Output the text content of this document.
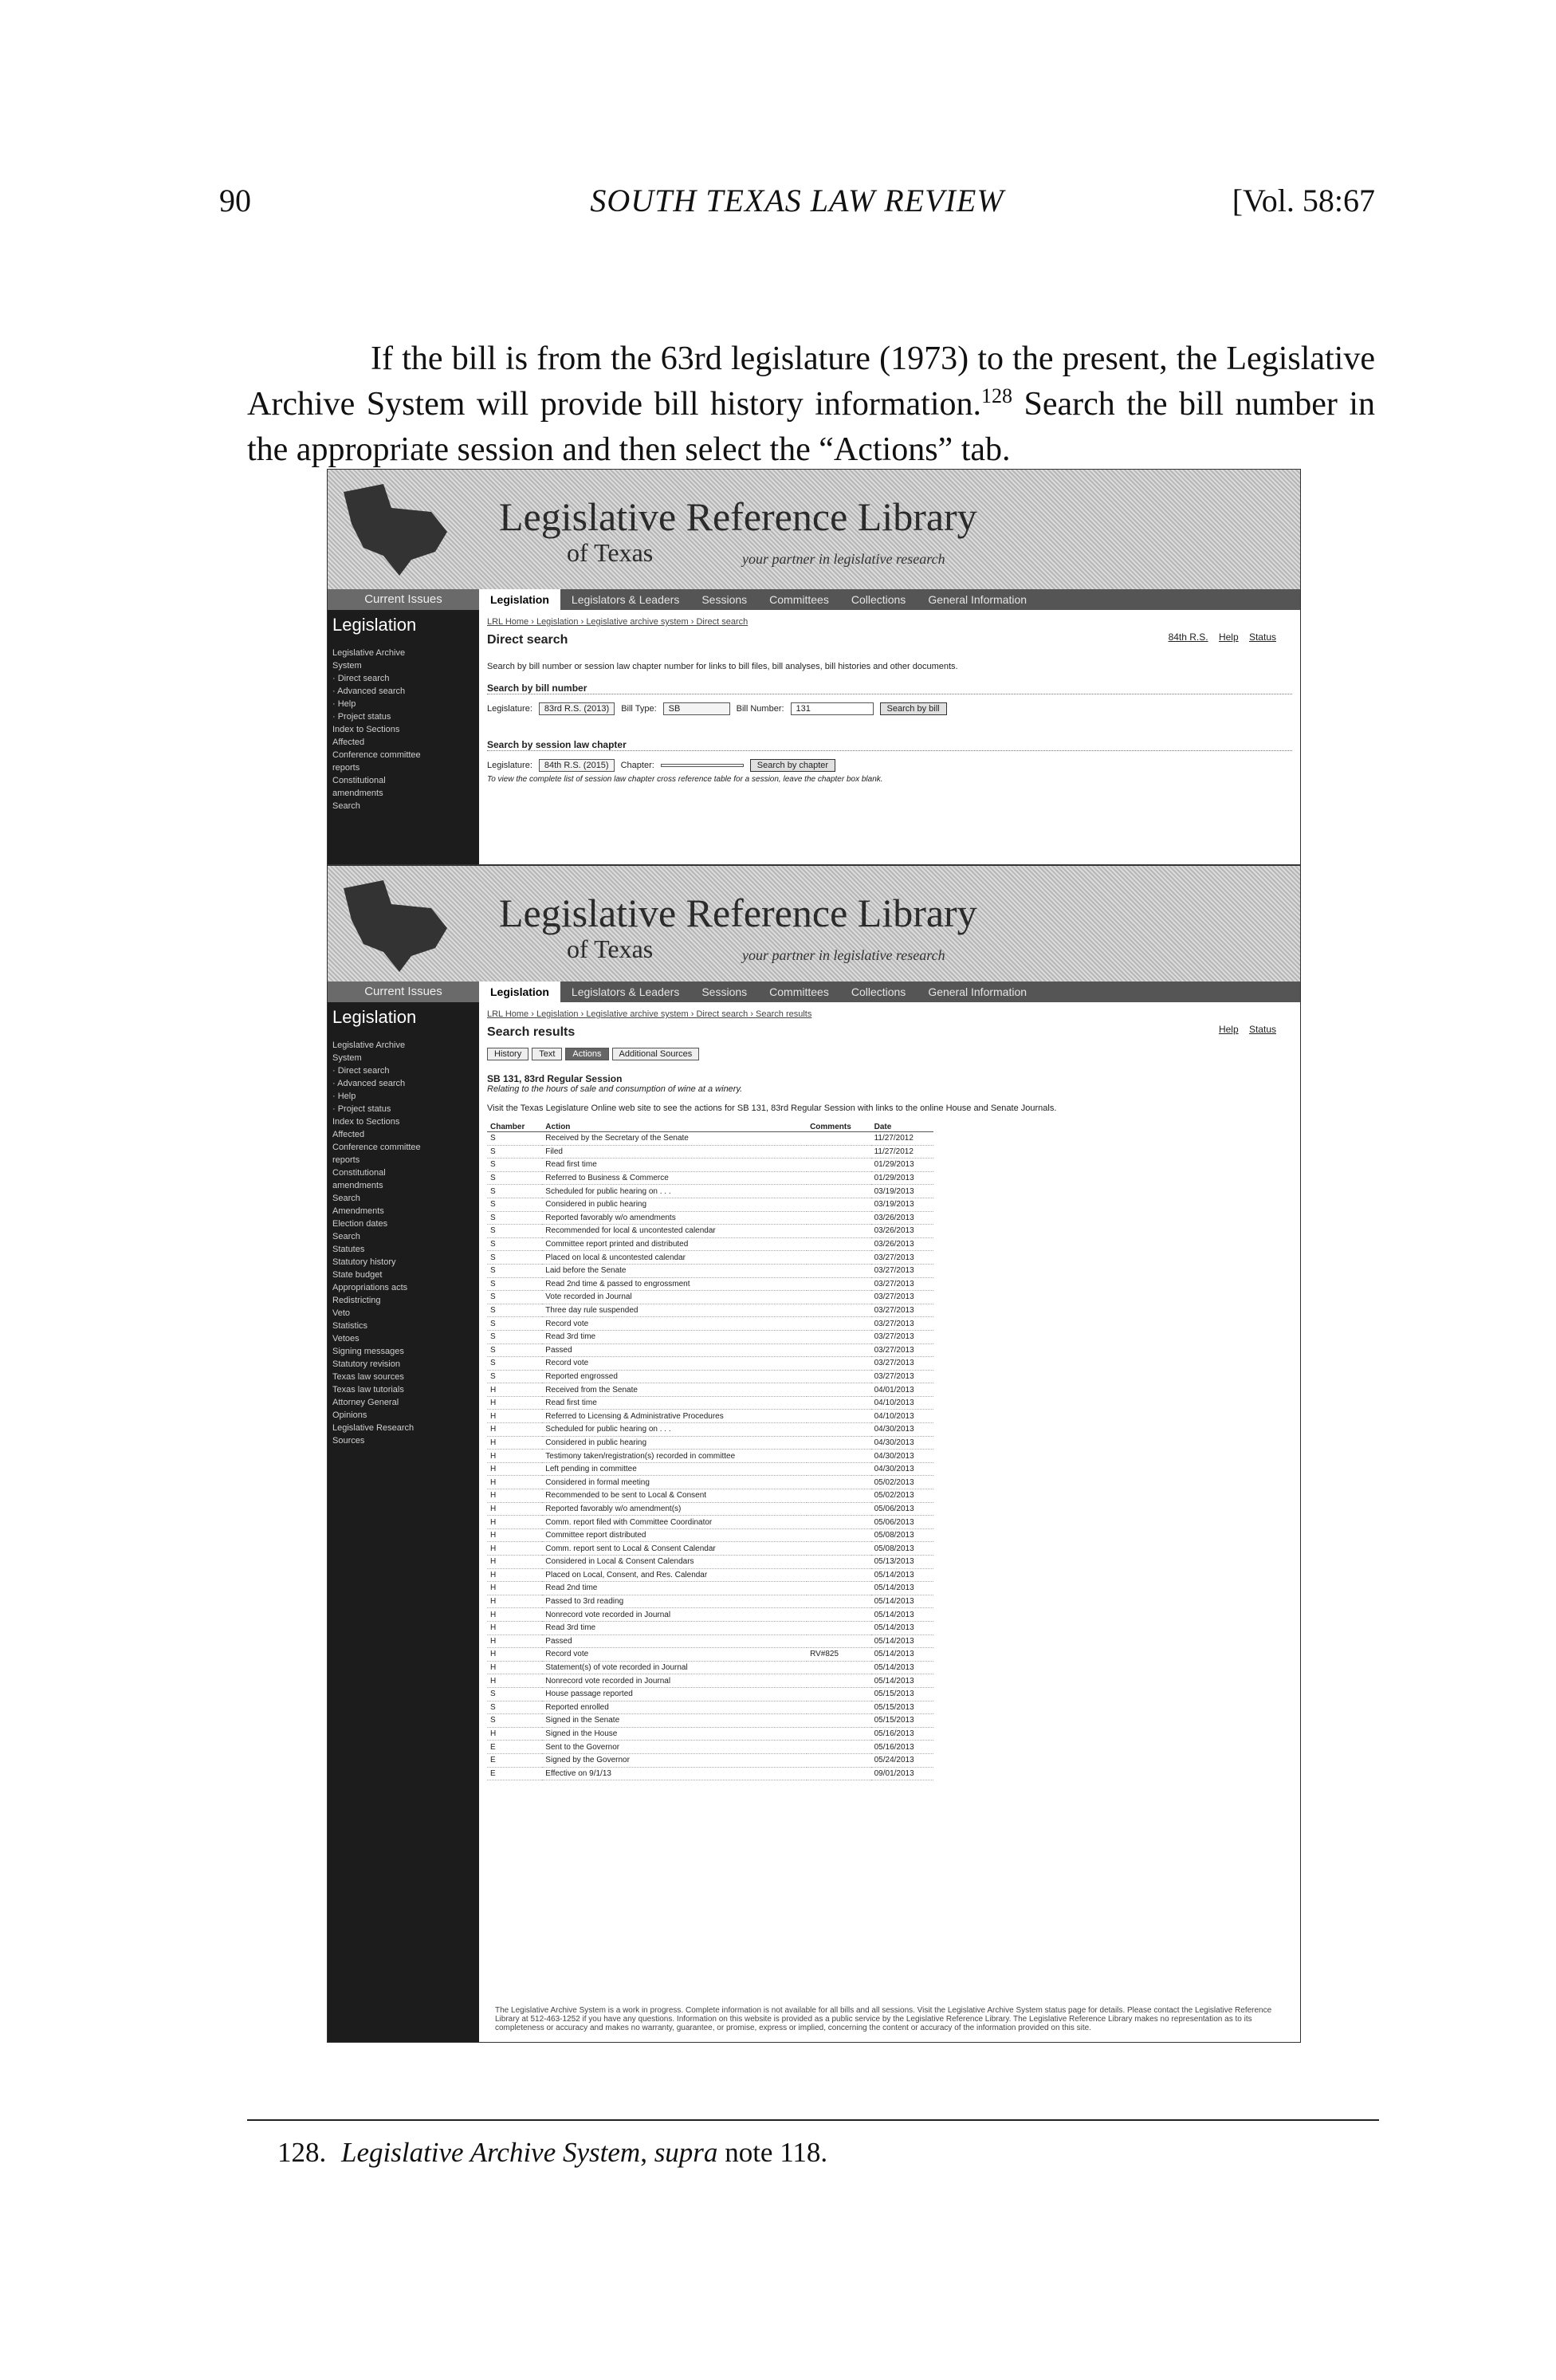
90	SOUTH TEXAS LAW REVIEW	[Vol. 58:67

If the bill is from the 63rd legislature (1973) to the present, the Legislative Archive System will provide bill history information.$^{128}$ Search the bill number in the appropriate session and then select the “Actions” tab.

Legislative Reference Library
of Texas	your partner in legislative research
Current Issues
Legislation
Legislative Archive
System
· Direct search
· Advanced search
· Help
· Project status
Index to Sections
Affected
Conference committee
reports
Constitutional
amendments
Search
Legislation	Legislators & Leaders	Sessions	Committees	Collections	General Information
LRL Home › Legislation › Legislative archive system › Direct search
Direct search	84th R.S. Help Status
Search by bill number or session law chapter number for links to bill files, bill analyses, bill histories and other documents.
Search by bill number
Legislature:	83rd R.S. (2013)	Bill Type:	SB	Bill Number:	131	Search by bill
Search by session law chapter
Legislature:	84th R.S. (2015)	Chapter:	Search by chapter
To view the complete list of session law chapter cross reference table for a session, leave the chapter box blank.
Legislative Reference Library
of Texas	your partner in legislative research
Current Issues
Legislation
Legislative Archive
System
· Direct search
· Advanced search
· Help
· Project status
Index to Sections
Affected
Conference committee
reports
Constitutional
amendments
Search
Amendments
Election dates
Search
Statutes
Statutory history
State budget
Appropriations acts
Redistricting
Veto
Statistics
Vetoes
Signing messages
Statutory revision
Texas law sources
Texas law tutorials
Attorney General
Opinions
Legislative Research
Sources
Legislation	Legislators & Leaders	Sessions	Committees	Collections	General Information
LRL Home › Legislation › Legislative archive system › Direct search › Search results
Search results	Help Status
History	Text	Actions	Additional Sources
SB 131, 83rd Regular Session
Relating to the hours of sale and consumption of wine at a winery.
Visit the Texas Legislature Online web site to see the actions for SB 131, 83rd Regular Session with links to the online House and Senate Journals.
Chamber	Action	Comments	Date
S	Received by the Secretary of the Senate		11/27/2012
S	Filed		11/27/2012
S	Read first time		01/29/2013
S	Referred to Business & Commerce		01/29/2013
S	Scheduled for public hearing on . . .		03/19/2013
S	Considered in public hearing		03/19/2013
S	Reported favorably w/o amendments		03/26/2013
S	Recommended for local & uncontested calendar		03/26/2013
S	Committee report printed and distributed		03/26/2013
S	Placed on local & uncontested calendar		03/27/2013
S	Laid before the Senate		03/27/2013
S	Read 2nd time & passed to engrossment		03/27/2013
S	Vote recorded in Journal		03/27/2013
S	Three day rule suspended		03/27/2013
S	Record vote		03/27/2013
S	Read 3rd time		03/27/2013
S	Passed		03/27/2013
S	Record vote		03/27/2013
S	Reported engrossed		03/27/2013
H	Received from the Senate		04/01/2013
H	Read first time		04/10/2013
H	Referred to Licensing & Administrative Procedures		04/10/2013
H	Scheduled for public hearing on . . .		04/30/2013
H	Considered in public hearing		04/30/2013
H	Testimony taken/registration(s) recorded in committee		04/30/2013
H	Left pending in committee		04/30/2013
H	Considered in formal meeting		05/02/2013
H	Recommended to be sent to Local & Consent		05/02/2013
H	Reported favorably w/o amendment(s)		05/06/2013
H	Comm. report filed with Committee Coordinator		05/06/2013
H	Committee report distributed		05/08/2013
H	Comm. report sent to Local & Consent Calendar		05/08/2013
H	Considered in Local & Consent Calendars		05/13/2013
H	Placed on Local, Consent, and Res. Calendar		05/14/2013
H	Read 2nd time		05/14/2013
H	Passed to 3rd reading		05/14/2013
H	Nonrecord vote recorded in Journal		05/14/2013
H	Read 3rd time		05/14/2013
H	Passed		05/14/2013
H	Record vote	RV#825	05/14/2013
H	Statement(s) of vote recorded in Journal		05/14/2013
H	Nonrecord vote recorded in Journal		05/14/2013
S	House passage reported		05/15/2013
S	Reported enrolled		05/15/2013
S	Signed in the Senate		05/15/2013
H	Signed in the House		05/16/2013
E	Sent to the Governor		05/16/2013
E	Signed by the Governor		05/24/2013
E	Effective on 9/1/13		09/01/2013
The Legislative Archive System is a work in progress. Complete information is not available for all bills and all sessions. Visit the Legislative Archive System status page for details. Please contact the Legislative Reference Library at 512-463-1252 if you have any questions. Information on this website is provided as a public service by the Legislative Reference Library. The Legislative Reference Library makes no representation as to its completeness or accuracy and makes no warranty, guarantee, or promise, express or implied, concerning the content or accuracy of the information provided on this site.
128. Legislative Archive System, supra note 118.
